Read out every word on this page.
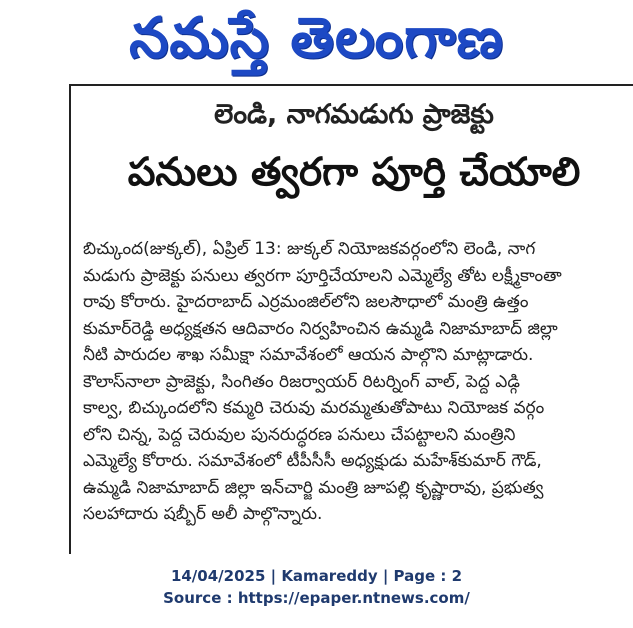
నమస్తే తెలంగాణ
లెండి, నాగమడుగు ప్రాజెక్టు
పనులు త్వరగా పూర్తి చేయాలి
బిచ్కుంద(జుక్కల్), ఏప్రిల్ 13: జుక్కల్ నియోజకవర్గంలోని లెండి, నాగ
మడుగు ప్రాజెక్టు పనులు త్వరగా పూర్తిచేయాలని ఎమ్మెల్యే తోట లక్ష్మీకాంతా
రావు కోరారు. హైదరాబాద్ ఎర్రమంజిల్‌లోని జలసౌధాలో మంత్రి ఉత్తం
కుమార్‌రెడ్డి అధ్యక్షతన ఆదివారం నిర్వహించిన ఉమ్మడి నిజామాబాద్ జిల్లా
నీటి పారుదల శాఖ సమీక్షా సమావేశంలో ఆయన పాల్గొని మాట్లాడారు.
కౌలాస్‌నాలా ప్రాజెక్టు, సింగితం రిజర్వాయర్ రిటర్నింగ్ వాల్, పెద్ద ఎడ్గి
కాల్వ, బిచ్కుందలోని కమ్మరి చెరువు మరమ్మతుతోపాటు నియోజక వర్గం
లోని చిన్న, పెద్ద చెరువుల పునరుద్ధరణ పనులు చేపట్టాలని మంత్రిని
ఎమ్మెల్యే కోరారు. సమావేశంలో టీపీసీసీ అధ్యక్షుడు మహేశ్‌కుమార్ గౌడ్,
ఉమ్మడి నిజామాబాద్ జిల్లా ఇన్‌చార్జి మంత్రి జూపల్లి కృష్ణారావు, ప్రభుత్వ
సలహాదారు షబ్బీర్ అలీ పాల్గొన్నారు.
14/04/2025 | Kamareddy | Page : 2
Source : https://epaper.ntnews.com/
